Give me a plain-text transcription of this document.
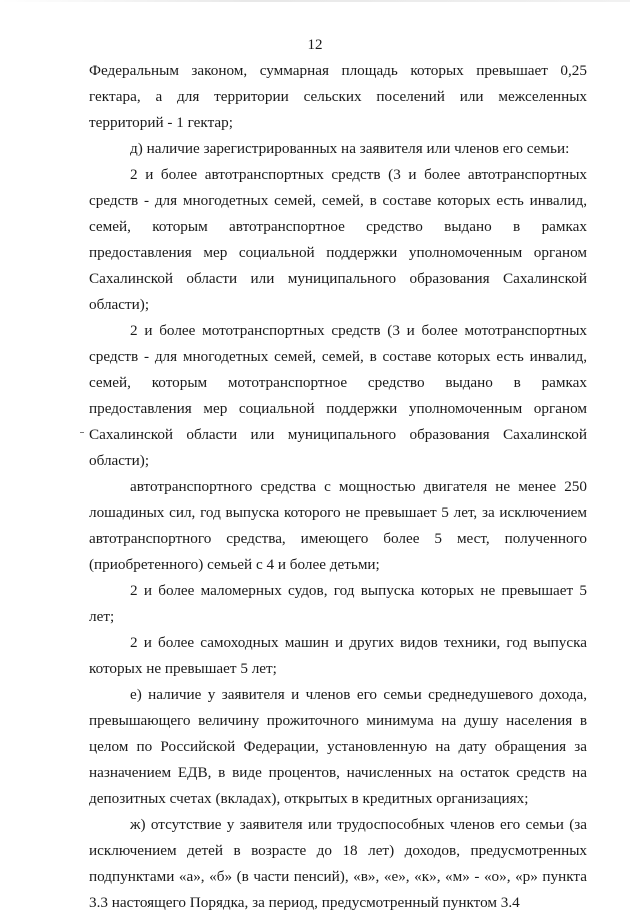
12

Федеральным законом, суммарная площадь которых превышает 0,25 гектара, а для территории сельских поселений или межселенных территорий - 1 гектар;

д) наличие зарегистрированных на заявителя или членов его семьи:

2 и более автотранспортных средств (3 и более автотранспортных средств - для многодетных семей, семей, в составе которых есть инвалид, семей, которым автотранспортное средство выдано в рамках предоставления мер социальной поддержки уполномоченным органом Сахалинской области или муниципального образования Сахалинской области);

2 и более мототранспортных средств (3 и более мототранспортных средств - для многодетных семей, семей, в составе которых есть инвалид, семей, которым мототранспортное средство выдано в рамках предоставления мер социальной поддержки уполномоченным органом Сахалинской области или муниципального образования Сахалинской области);

автотранспортного средства с мощностью двигателя не менее 250 лошадиных сил, год выпуска которого не превышает 5 лет, за исключением автотранспортного средства, имеющего более 5 мест, полученного (приобретенного) семьей с 4 и более детьми;

2 и более маломерных судов, год выпуска которых не превышает 5 лет;

2 и более самоходных машин и других видов техники, год выпуска которых не превышает 5 лет;

е) наличие у заявителя и членов его семьи среднедушевого дохода, превышающего величину прожиточного минимума на душу населения в целом по Российской Федерации, установленную на дату обращения за назначением ЕДВ, в виде процентов, начисленных на остаток средств на депозитных счетах (вкладах), открытых в кредитных организациях;

ж) отсутствие у заявителя или трудоспособных членов его семьи (за исключением детей в возрасте до 18 лет) доходов, предусмотренных подпунктами «а», «б» (в части пенсий), «в», «е», «к», «м» - «о», «р» пункта 3.3 настоящего Порядка, за период, предусмотренный пунктом 3.4
